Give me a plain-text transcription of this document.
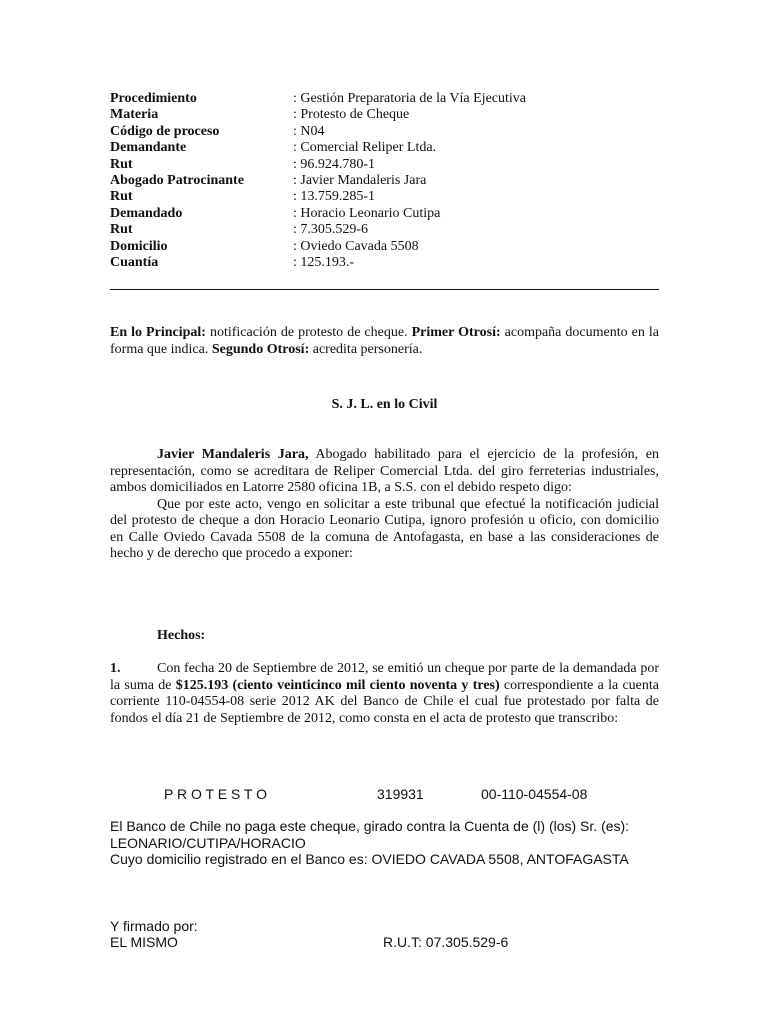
Procedimiento	: Gestión Preparatoria de la Vía Ejecutiva
Materia	: Protesto de Cheque
Código de proceso	: N04
Demandante	: Comercial Reliper Ltda.
Rut	: 96.924.780-1
Abogado Patrocinante	: Javier Mandaleris Jara
Rut	: 13.759.285-1
Demandado	: Horacio Leonario Cutipa
Rut	: 7.305.529-6
Domicilio	: Oviedo Cavada 5508
Cuantía	: 125.193.-

En lo Principal: notificación de protesto de cheque. Primer Otrosí: acompaña documento en la forma que indica. Segundo Otrosí: acredita personería.

S. J. L. en lo Civil

Javier Mandaleris Jara, Abogado habilitado para el ejercicio de la profesión, en representación, como se acreditara de Reliper Comercial Ltda. del giro ferreterias industriales, ambos domiciliados en Latorre 2580 oficina 1B, a S.S. con el debido respeto digo:

Que por este acto, vengo en solicitar a este tribunal que efectué la notificación judicial del protesto de cheque a don Horacio Leonario Cutipa, ignoro profesión u oficio, con domicilio en Calle Oviedo Cavada 5508 de la comuna de Antofagasta, en base a las consideraciones de hecho y de derecho que procedo a exponer:

Hechos:

1.	Con fecha 20 de Septiembre de 2012, se emitió un cheque por parte de la demandada por la suma de $125.193 (ciento veinticinco mil ciento noventa y tres) correspondiente a la cuenta corriente 110-04554-08 serie 2012 AK del Banco de Chile el cual fue protestado por falta de fondos el día 21 de Septiembre de 2012, como consta en el acta de protesto que transcribo:

P R O T E S T O	319931	00-110-04554-08

El Banco de Chile no paga este cheque, girado contra la Cuenta de (l) (los) Sr. (es):

LEONARIO/CUTIPA/HORACIO

Cuyo domicilio registrado en el Banco es: OVIEDO CAVADA 5508, ANTOFAGASTA

Y firmado por:
EL MISMO	R.U.T: 07.305.529-6
